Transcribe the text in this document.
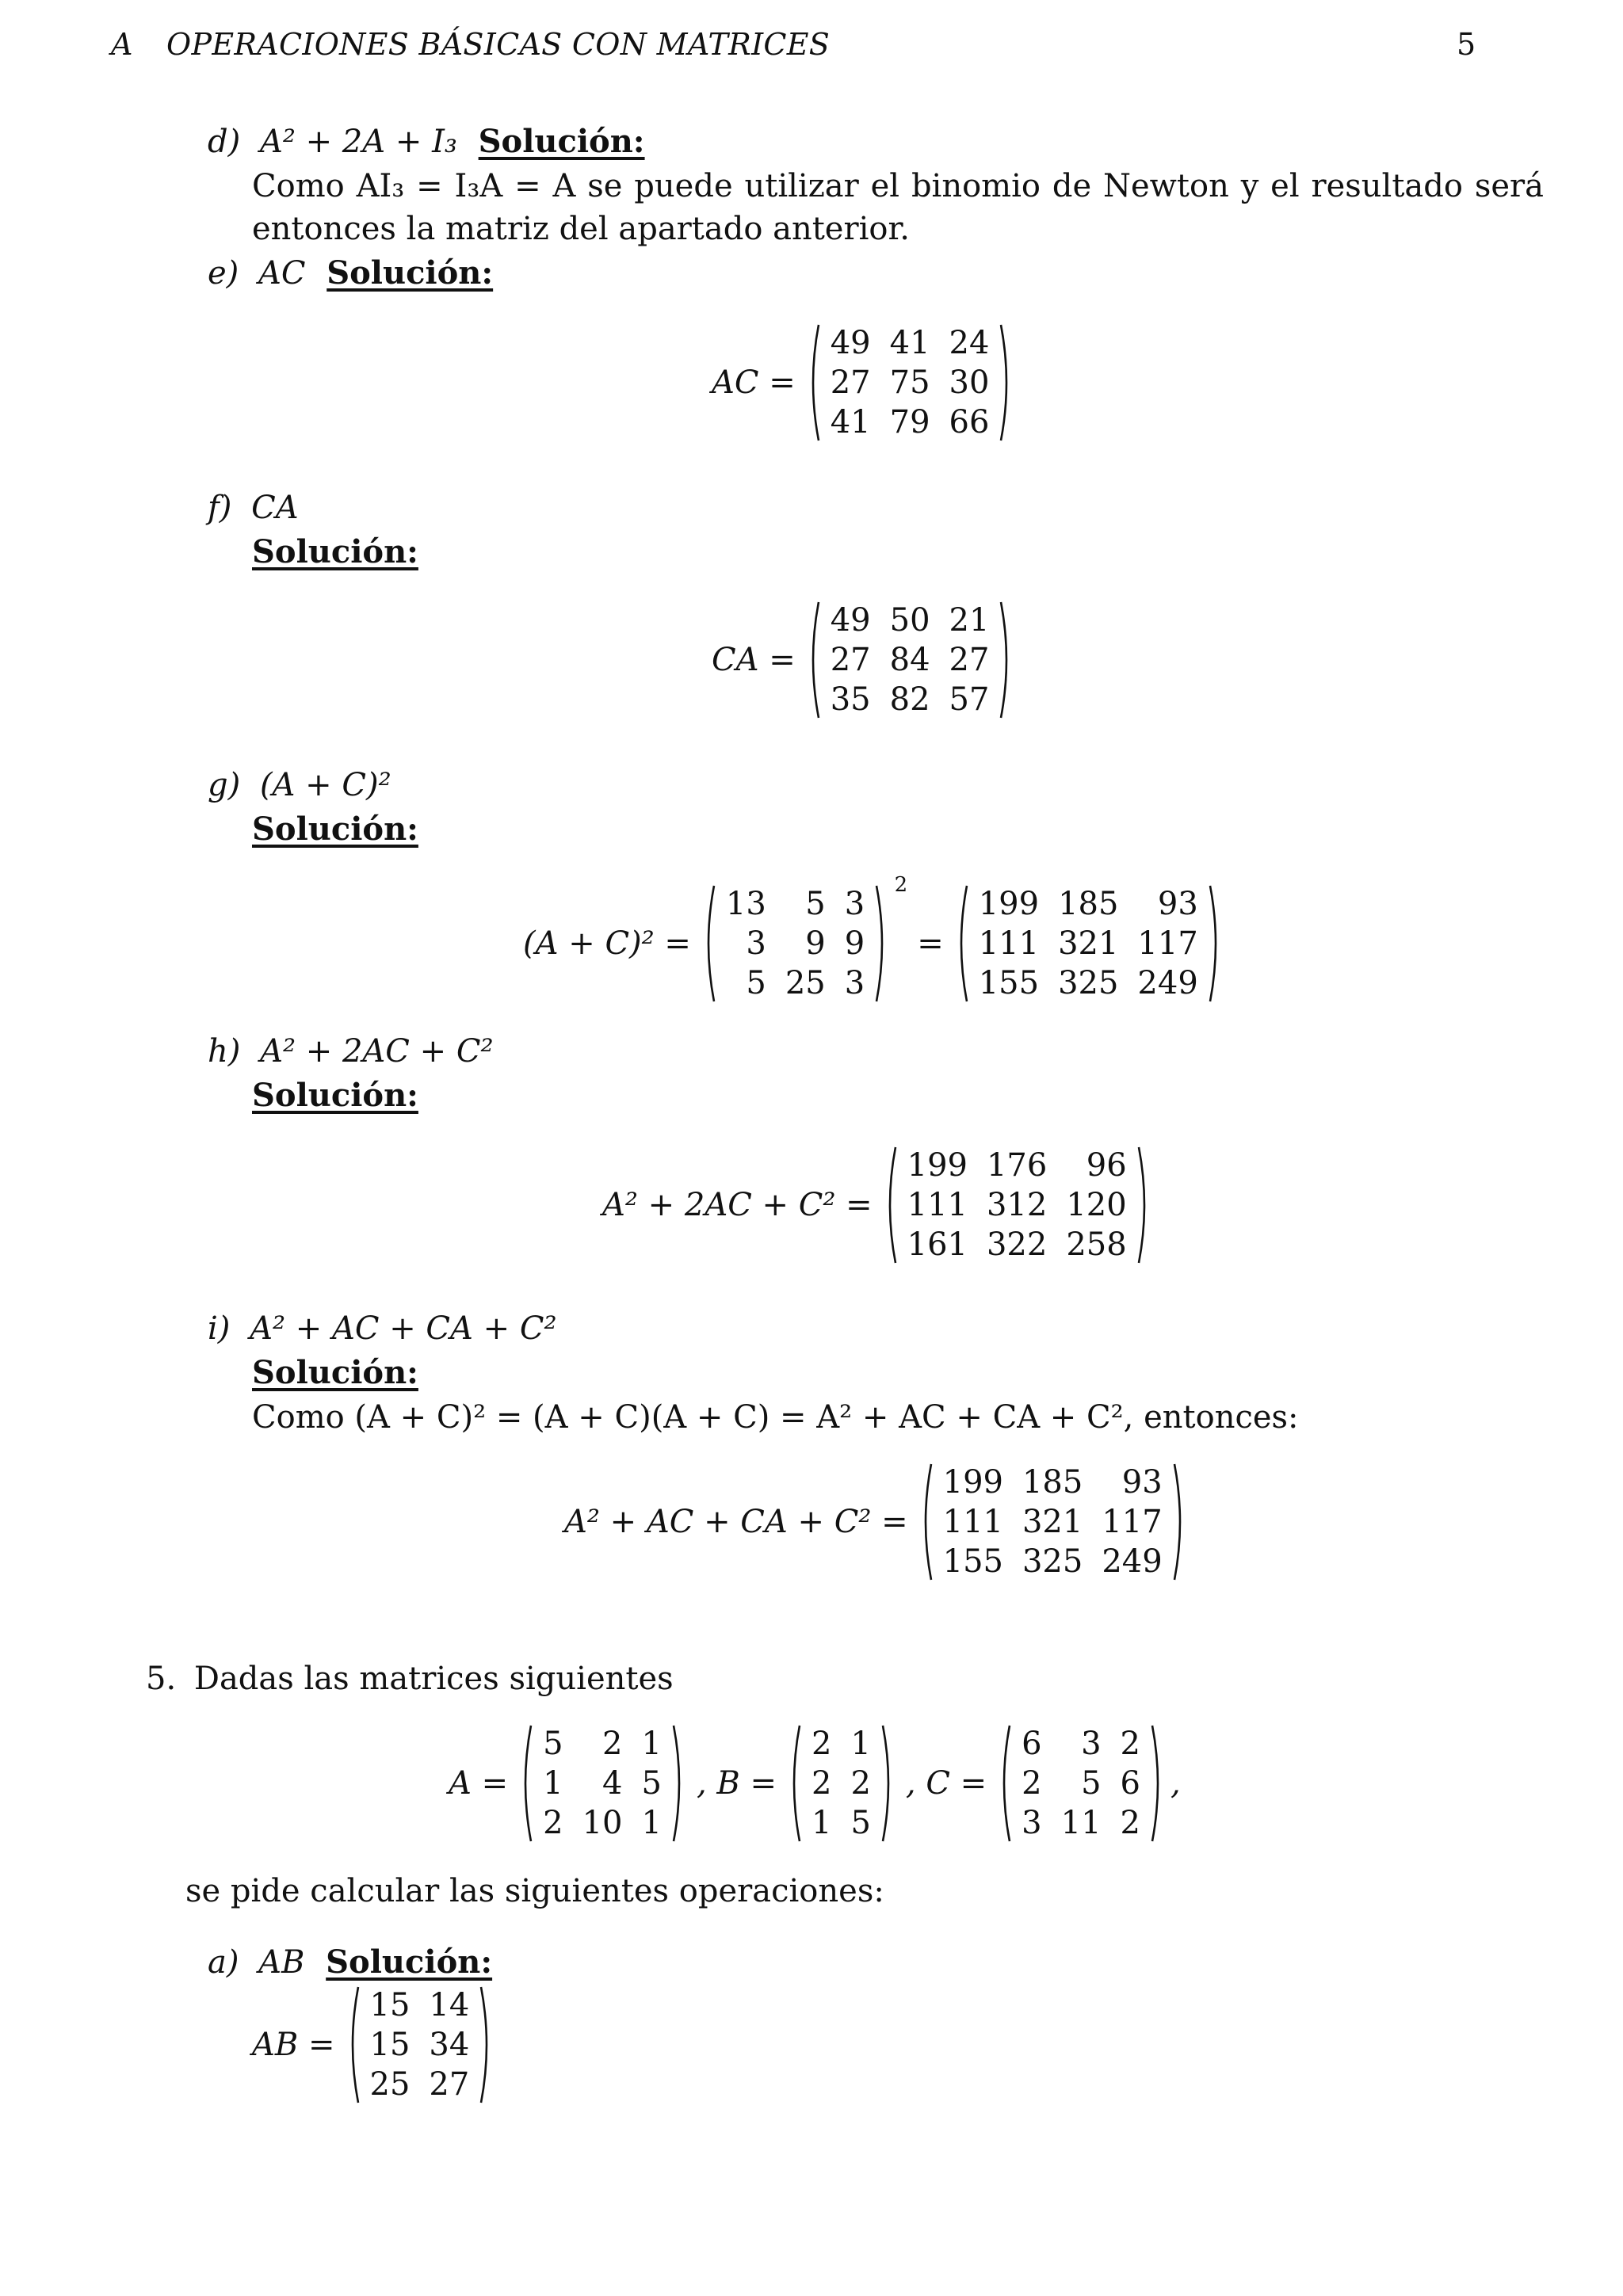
A OPERACIONES BÁSICAS CON MATRICES	5
d) A² + 2A + I₃ Solución:
Como AI₃ = I₃A = A se puede utilizar el binomio de Newton y el resultado será entonces la matriz del apartado anterior.
e) AC Solución:
AC =
49	41	24
27	75	30
41	79	66
f) CA
Solución:
CA =
49	50	21
27	84	27
35	82	57
g) (A + C)²
Solución:
(A + C)² =
13	5	3
3	9	9
5	25	3
2
=
199	185	93
111	321	117
155	325	249
h) A² + 2AC + C²
Solución:
A² + 2AC + C² =
199	176	96
111	312	120
161	322	258
i) A² + AC + CA + C²
Solución:
Como (A + C)² = (A + C)(A + C) = A² + AC + CA + C², entonces:
A² + AC + CA + C² =
199	185	93
111	321	117
155	325	249
5. Dadas las matrices siguientes
A =
5	2	1
1	4	5
2	10	1
, B =
2	1
2	2
1	5
, C =
6	3	2
2	5	6
3	11	2
,
se pide calcular las siguientes operaciones:
a) AB Solución:
AB =
15	14
15	34
25	27
